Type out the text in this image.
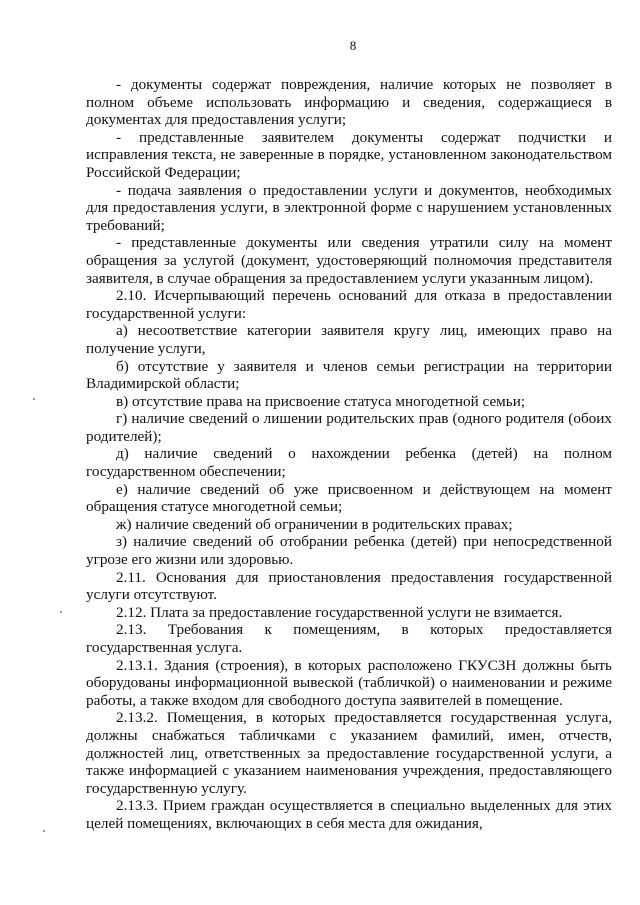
8

- документы содержат повреждения, наличие которых не позволяет в полном объеме использовать информацию и сведения, содержащиеся в документах для предоставления услуги;

- представленные заявителем документы содержат подчистки и исправления текста, не заверенные в порядке, установленном законодательством Российской Федерации;

- подача заявления о предоставлении услуги и документов, необходимых для предоставления услуги, в электронной форме с нарушением установленных требований;

- представленные документы или сведения утратили силу на момент обращения за услугой (документ, удостоверяющий полномочия представителя заявителя, в случае обращения за предоставлением услуги указанным лицом).

2.10. Исчерпывающий перечень оснований для отказа в предоставлении государственной услуги:

а) несоответствие категории заявителя кругу лиц, имеющих право на получение услуги,

б) отсутствие у заявителя и членов семьи регистрации на территории Владимирской области;

в) отсутствие права на присвоение статуса многодетной семьи;

г) наличие сведений о лишении родительских прав (одного родителя (обоих родителей);

д) наличие сведений о нахождении ребенка (детей) на полном государственном обеспечении;

е) наличие сведений об уже присвоенном и действующем на момент обращения статусе многодетной семьи;

ж) наличие сведений об ограничении в родительских правах;

з) наличие сведений об отобрании ребенка (детей) при непосредственной угрозе его жизни или здоровью.

2.11. Основания для приостановления предоставления государственной услуги отсутствуют.

2.12. Плата за предоставление государственной услуги не взимается.

2.13. Требования к помещениям, в которых предоставляется государственная услуга.

2.13.1. Здания (строения), в которых расположено ГКУСЗН должны быть оборудованы информационной вывеской (табличкой) о наименовании и режиме работы, а также входом для свободного доступа заявителей в помещение.

2.13.2. Помещения, в которых предоставляется государственная услуга, должны снабжаться табличками с указанием фамилий, имен, отчеств, должностей лиц, ответственных за предоставление государственной услуги, а также информацией с указанием наименования учреждения, предоставляющего государственную услугу.

2.13.3. Прием граждан осуществляется в специально выделенных для этих целей помещениях, включающих в себя места для ожидания,
